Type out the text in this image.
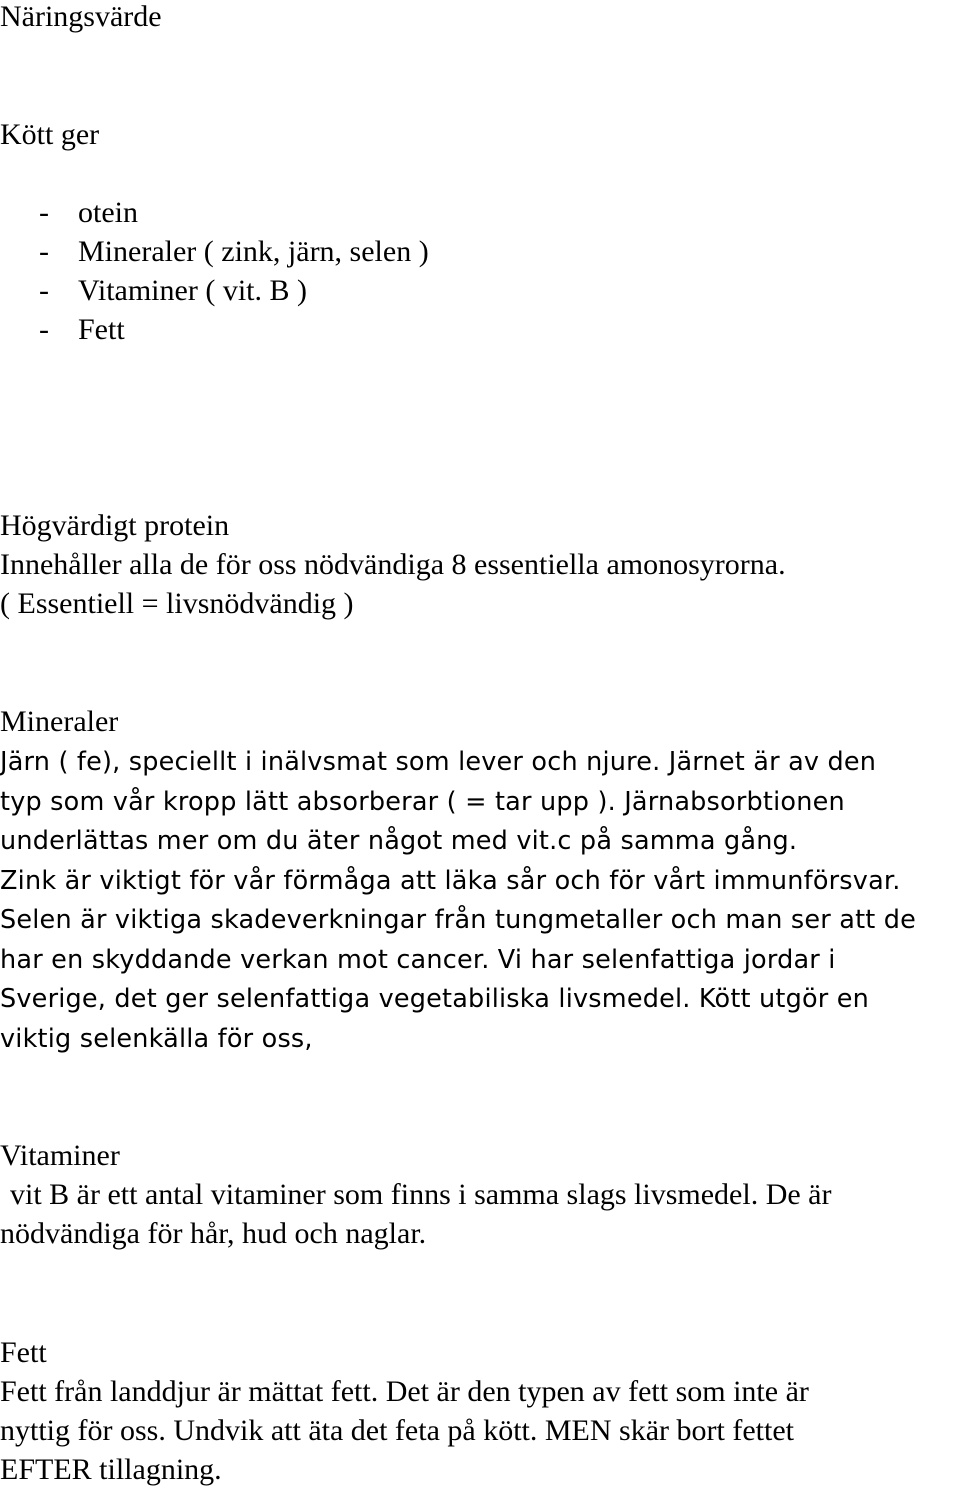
Näringsvärde
Kött ger
- otein
- Mineraler ( zink, järn, selen )
- Vitaminer ( vit. B )
- Fett
Högvärdigt protein
Innehåller alla de för oss nödvändiga 8 essentiella amonosyrorna.
( Essentiell = livsnödvändig )
Mineraler
Järn ( fe), speciellt i inälvsmat som lever och njure. Järnet är av den
typ som vår kropp lätt absorberar ( = tar upp ). Järnabsorbtionen
underlättas mer om du äter något med vit.c på samma gång.
Zink är viktigt för vår förmåga att läka sår och för vårt immunförsvar.
Selen är viktiga skadeverkningar från tungmetaller och man ser att de
har en skyddande verkan mot cancer. Vi har selenfattiga jordar i
Sverige, det ger selenfattiga vegetabiliska livsmedel. Kött utgör en
viktig selenkälla för oss,
Vitaminer
vit B är ett antal vitaminer som finns i samma slags livsmedel. De är
nödvändiga för hår, hud och naglar.
Fett
Fett från landdjur är mättat fett. Det är den typen av fett som inte är
nyttig för oss. Undvik att äta det feta på kött. MEN skär bort fettet
EFTER tillagning.
